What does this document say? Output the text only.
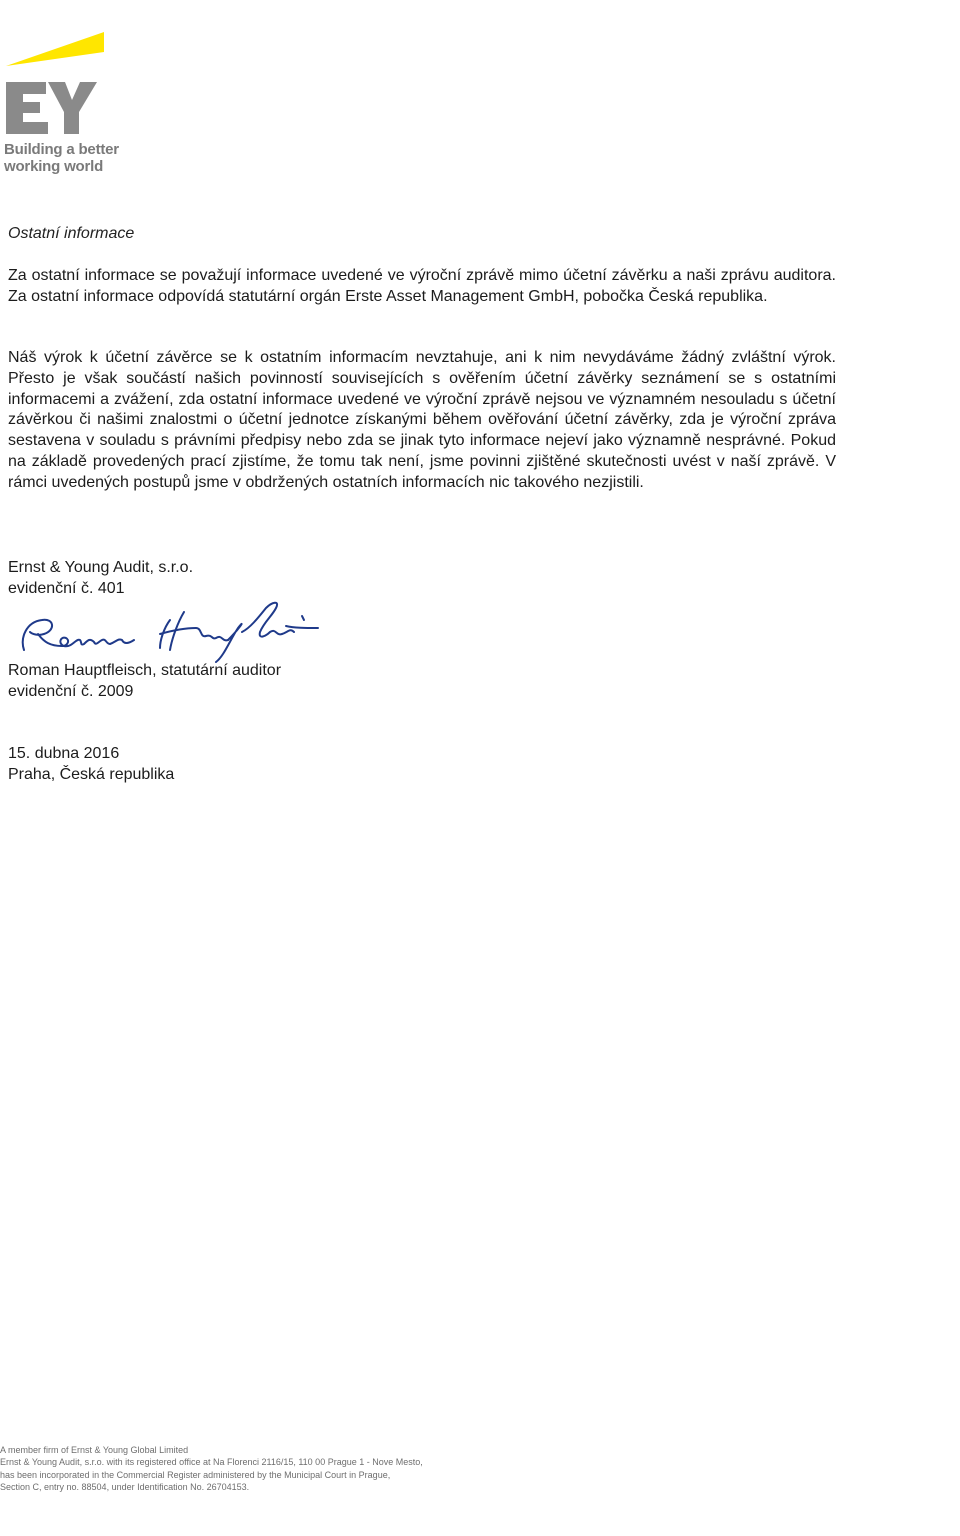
Building a better
working world
Ostatní informace

Za ostatní informace se považují informace uvedené ve výroční zprávě mimo účetní závěrku a naši zprávu auditora. Za ostatní informace odpovídá statutární orgán Erste Asset Management GmbH, pobočka Česká republika.

Náš výrok k účetní závěrce se k ostatním informacím nevztahuje, ani k nim nevydáváme žádný zvláštní výrok. Přesto je však součástí našich povinností souvisejících s ověřením účetní závěrky seznámení se s ostatními informacemi a zvážení, zda ostatní informace uvedené ve výroční zprávě nejsou ve významném nesouladu s účetní závěrkou či našimi znalostmi o účetní jednotce získanými během ověřování účetní závěrky, zda je výroční zpráva sestavena v souladu s právními předpisy nebo zda se jinak tyto informace nejeví jako významně nesprávné. Pokud na základě provedených prací zjistíme, že tomu tak není, jsme povinni zjištěné skutečnosti uvést v naší zprávě. V rámci uvedených postupů jsme v obdržených ostatních informacích nic takového nezjistili.

Ernst & Young Audit, s.r.o.
evidenční č. 401
Roman Hauptfleisch, statutární auditor
evidenční č. 2009
15. dubna 2016
Praha, Česká republika
A member firm of Ernst & Young Global Limited
Ernst & Young Audit, s.r.o. with its registered office at Na Florenci 2116/15, 110 00 Prague 1 - Nove Mesto,
has been incorporated in the Commercial Register administered by the Municipal Court in Prague,
Section C, entry no. 88504, under Identification No. 26704153.
